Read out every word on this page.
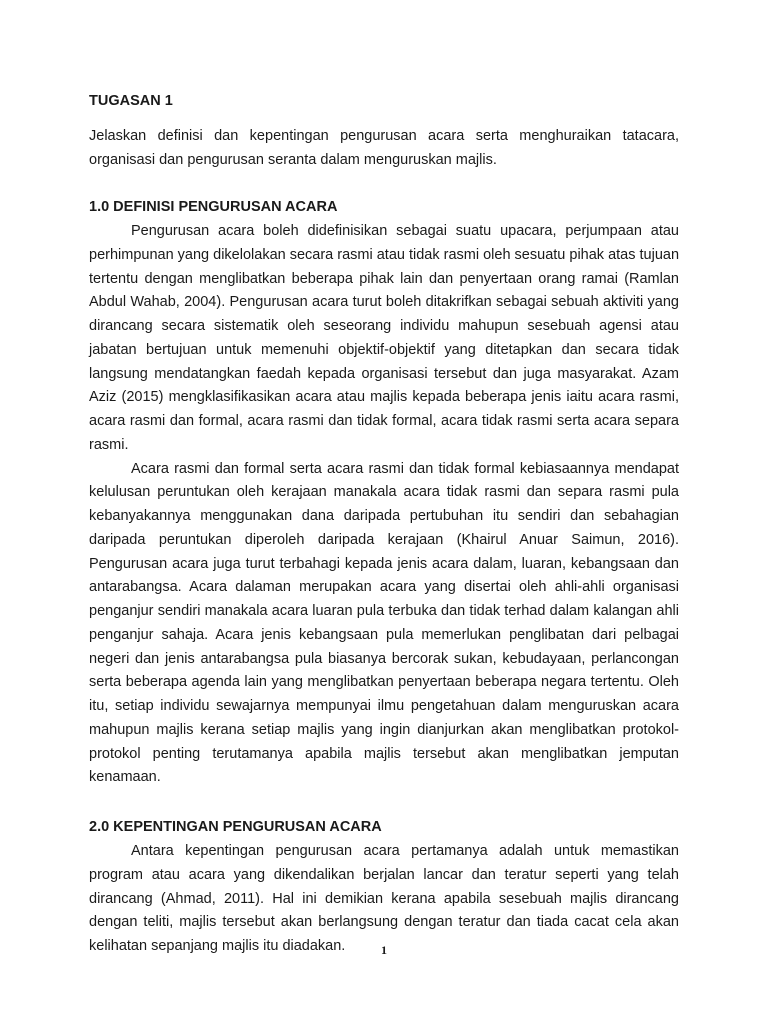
TUGASAN 1

Jelaskan definisi dan kepentingan pengurusan acara serta menghuraikan tatacara, organisasi dan pengurusan seranta dalam menguruskan majlis.

1.0 DEFINISI PENGURUSAN ACARA

Pengurusan acara boleh didefinisikan sebagai suatu upacara, perjumpaan atau perhimpunan yang dikelolakan secara rasmi atau tidak rasmi oleh sesuatu pihak atas tujuan tertentu dengan menglibatkan beberapa pihak lain dan penyertaan orang ramai (Ramlan Abdul Wahab, 2004). Pengurusan acara turut boleh ditakrifkan sebagai sebuah aktiviti yang dirancang secara sistematik oleh seseorang individu mahupun sesebuah agensi atau jabatan bertujuan untuk memenuhi objektif-objektif yang ditetapkan dan secara tidak langsung mendatangkan faedah kepada organisasi tersebut dan juga masyarakat. Azam Aziz (2015) mengklasifikasikan acara atau majlis kepada beberapa jenis iaitu acara rasmi, acara rasmi dan formal, acara rasmi dan tidak formal, acara tidak rasmi serta acara separa rasmi.

Acara rasmi dan formal serta acara rasmi dan tidak formal kebiasaannya mendapat kelulusan peruntukan oleh kerajaan manakala acara tidak rasmi dan separa rasmi pula kebanyakannya menggunakan dana daripada pertubuhan itu sendiri dan sebahagian daripada peruntukan diperoleh daripada kerajaan (Khairul Anuar Saimun, 2016). Pengurusan acara juga turut terbahagi kepada jenis acara dalam, luaran, kebangsaan dan antarabangsa. Acara dalaman merupakan acara yang disertai oleh ahli-ahli organisasi penganjur sendiri manakala acara luaran pula terbuka dan tidak terhad dalam kalangan ahli penganjur sahaja. Acara jenis kebangsaan pula memerlukan penglibatan dari pelbagai negeri dan jenis antarabangsa pula biasanya bercorak sukan, kebudayaan, perlancongan serta beberapa agenda lain yang menglibatkan penyertaan beberapa negara tertentu. Oleh itu, setiap individu sewajarnya mempunyai ilmu pengetahuan dalam menguruskan acara mahupun majlis kerana setiap majlis yang ingin dianjurkan akan menglibatkan protokol-protokol penting terutamanya apabila majlis tersebut akan menglibatkan jemputan kenamaan.

2.0 KEPENTINGAN PENGURUSAN ACARA

Antara kepentingan pengurusan acara pertamanya adalah untuk memastikan program atau acara yang dikendalikan berjalan lancar dan teratur seperti yang telah dirancang (Ahmad, 2011). Hal ini demikian kerana apabila sesebuah majlis dirancang dengan teliti, majlis tersebut akan berlangsung dengan teratur dan tiada cacat cela akan kelihatan sepanjang majlis itu diadakan.	1
